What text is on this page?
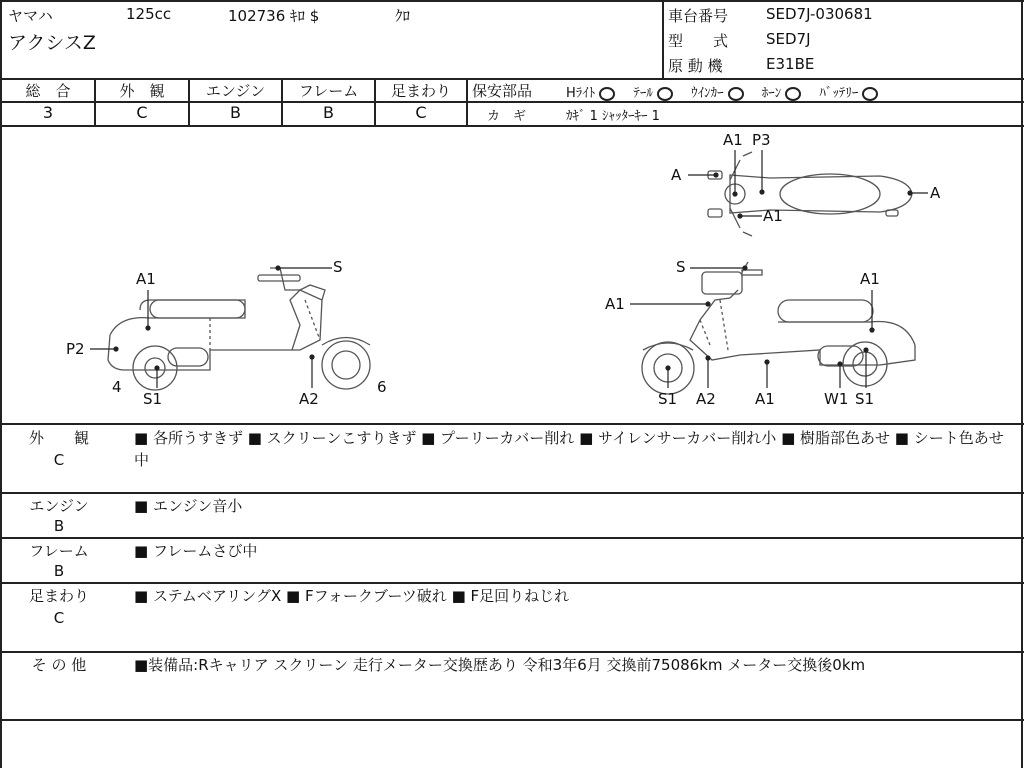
ヤマハ	125cc	102736 ｷﾛ $	ｸﾛ
アクシスZ
車台番号	SED7J-030681
型　　式	SED7J
原 動 機	E31BE
総　合	外　観	エンジン	フレーム	足まわり
3	C	B	B	C
保安部品	Hﾗｲﾄ	ﾃｰﾙ	ｳｲﾝｶｰ	ﾎｰﾝ	ﾊﾞｯﾃﾘｰ
カ　ギ	ｶｷﾞ 1 ｼｬｯﾀｰｷｰ 1
A1
P2
4
S1	A2
6
S	S
A1
A1
S1 A2	A1	W1 S1
A1 P3
A
A
A1
外　　観
C
■ 各所うすきず ■ スクリーンこすりきず ■ プーリーカバー削れ ■ サイレンサーカバー削れ小 ■ 樹脂部色あせ ■ シート色あせ中
エンジン
B
■ エンジン音小
フレーム
B
■ フレームさび中
足まわり
C
■ ステムベアリングX ■ Fフォークブーツ破れ ■ F足回りねじれ
そ の 他	■装備品:Rキャリア スクリーン 走行メーター交換歴あり 令和3年6月 交換前75086km メーター交換後0km
